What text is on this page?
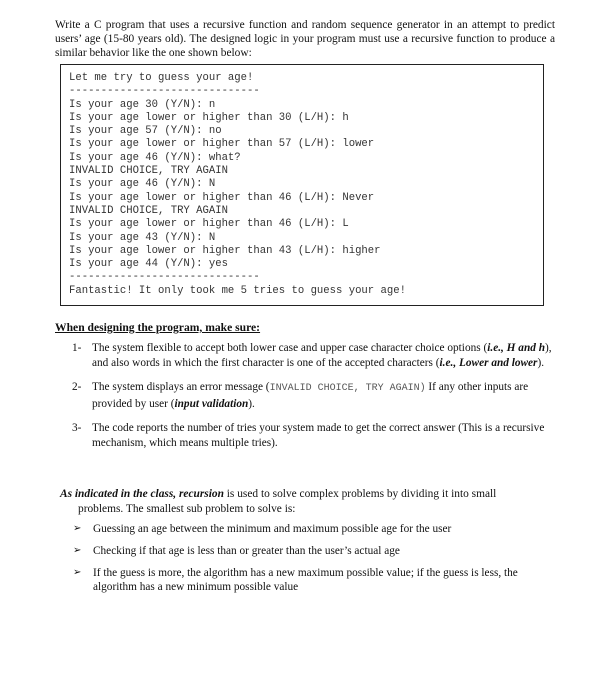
Write a C program that uses a recursive function and random sequence generator in an attempt to predict users’ age (15-80 years old). The designed logic in your program must use a recursive function to produce a similar behavior like the one shown below:

Let me try to guess your age!
------------------------------
Is your age 30 (Y/N): n
Is your age lower or higher than 30 (L/H): h
Is your age 57 (Y/N): no
Is your age lower or higher than 57 (L/H): lower
Is your age 46 (Y/N): what?
INVALID CHOICE, TRY AGAIN
Is your age 46 (Y/N): N
Is your age lower or higher than 46 (L/H): Never
INVALID CHOICE, TRY AGAIN
Is your age lower or higher than 46 (L/H): L
Is your age 43 (Y/N): N
Is your age lower or higher than 43 (L/H): higher
Is your age 44 (Y/N): yes
------------------------------
Fantastic! It only took me 5 tries to guess your age!
When designing the program, make sure:
1- The system flexible to accept both lower case and upper case character choice options (i.e., H and h), and also words in which the first character is one of the accepted characters (i.e., Lower and lower).
2- The system displays an error message (INVALID CHOICE, TRY AGAIN) If any other inputs are provided by user (input validation).
3- The code reports the number of tries your system made to get the correct answer (This is a recursive mechanism, which means multiple tries).
As indicated in the class, recursion is used to solve complex problems by dividing it into small
problems. The smallest sub problem to solve is:
➢ Guessing an age between the minimum and maximum possible age for the user
➢ Checking if that age is less than or greater than the user’s actual age
➢ If the guess is more, the algorithm has a new maximum possible value; if the guess is less, the algorithm has a new minimum possible value
